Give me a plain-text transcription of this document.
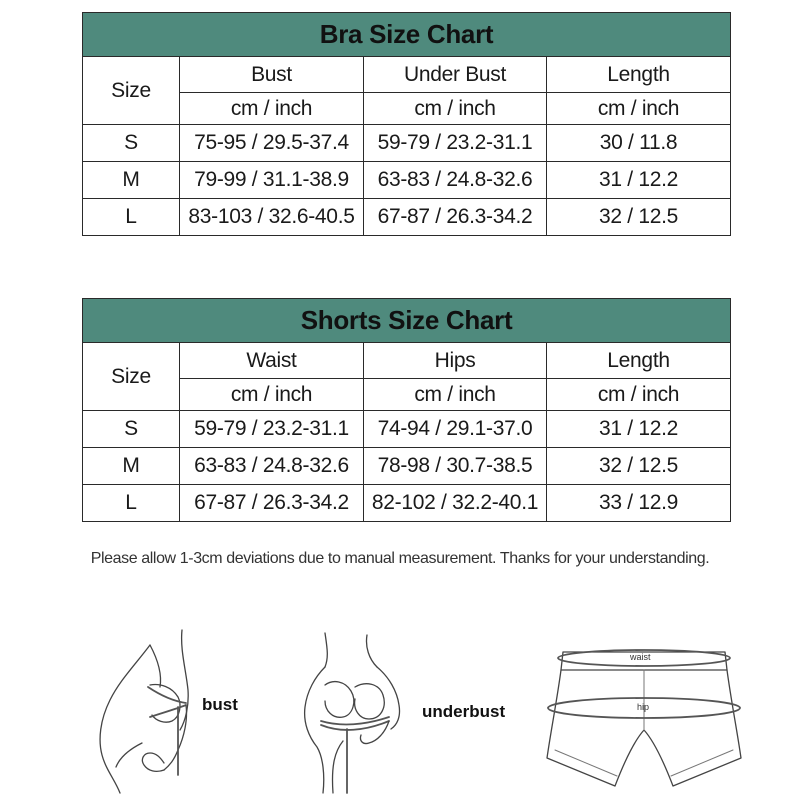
Bra Size Chart			
Size	Bust	Under Bust	Length
	cm / inch	cm / inch	cm / inch
S	75-95 / 29.5-37.4	59-79 / 23.2-31.1	30 / 11.8
M	79-99 / 31.1-38.9	63-83 / 24.8-32.6	31 / 12.2
L	83-103 / 32.6-40.5	67-87 / 26.3-34.2	32 / 12.5
Shorts Size Chart			
Size	Waist	Hips	Length
	cm / inch	cm / inch	cm / inch
S	59-79 / 23.2-31.1	74-94 / 29.1-37.0	31 / 12.2
M	63-83 / 24.8-32.6	78-98 / 30.7-38.5	32 / 12.5
L	67-87 / 26.3-34.2	82-102 / 32.2-40.1	33 / 12.9
Please allow 1-3cm deviations due to manual measurement. Thanks for your understanding.
bust	underbust
waist
hip
